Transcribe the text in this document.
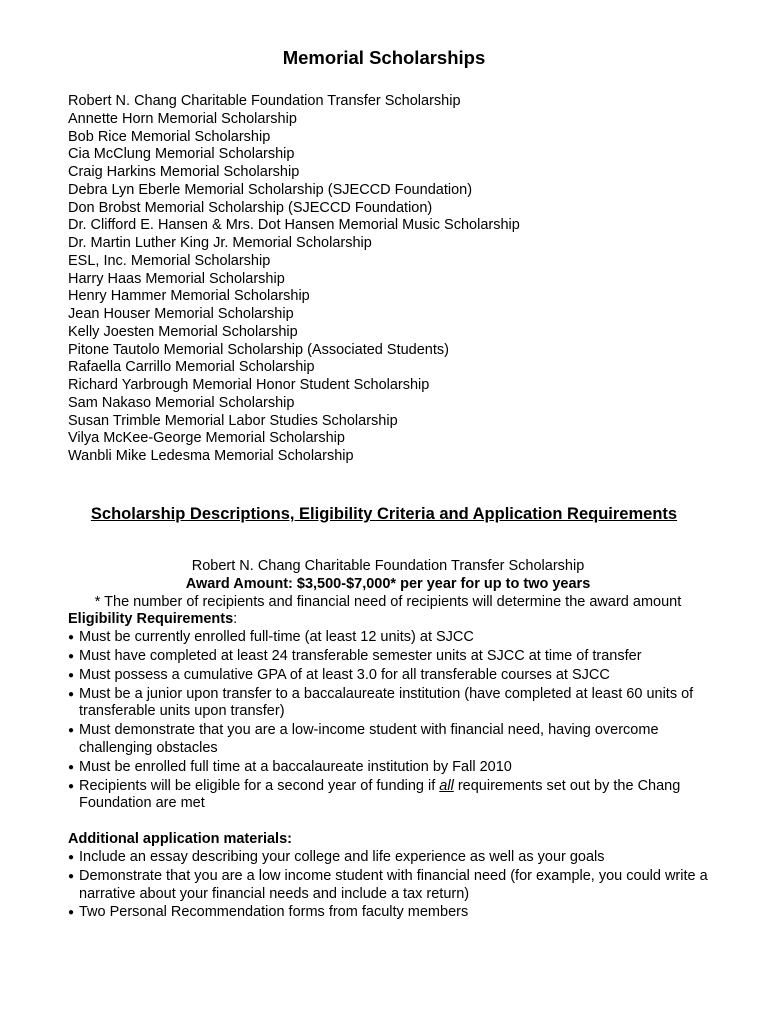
Memorial Scholarships
Robert N. Chang Charitable Foundation Transfer Scholarship
Annette Horn Memorial Scholarship
Bob Rice Memorial Scholarship
Cia McClung Memorial Scholarship
Craig Harkins Memorial Scholarship
Debra Lyn Eberle Memorial Scholarship (SJECCD Foundation)
Don Brobst Memorial Scholarship (SJECCD Foundation)
Dr. Clifford E. Hansen & Mrs. Dot Hansen Memorial Music Scholarship
Dr. Martin Luther King Jr. Memorial Scholarship
ESL, Inc. Memorial Scholarship
Harry Haas Memorial Scholarship
Henry Hammer Memorial Scholarship
Jean Houser Memorial Scholarship
Kelly Joesten Memorial Scholarship
Pitone Tautolo Memorial Scholarship (Associated Students)
Rafaella Carrillo Memorial Scholarship
Richard Yarbrough Memorial Honor Student Scholarship
Sam Nakaso Memorial Scholarship
Susan Trimble Memorial Labor Studies Scholarship
Vilya McKee-George Memorial Scholarship
Wanbli Mike Ledesma Memorial Scholarship
Scholarship Descriptions, Eligibility Criteria and Application Requirements

Robert N. Chang Charitable Foundation Transfer Scholarship

Award Amount: $3,500-$7,000* per year for up to two years

* The number of recipients and financial need of recipients will determine the award amount

Eligibility Requirements:

● Must be currently enrolled full-time (at least 12 units) at SJCC
● Must have completed at least 24 transferable semester units at SJCC at time of transfer
● Must possess a cumulative GPA of at least 3.0 for all transferable courses at SJCC
● Must be a junior upon transfer to a baccalaureate institution (have completed at least 60 units of transferable units upon transfer)
● Must demonstrate that you are a low-income student with financial need, having overcome challenging obstacles
● Must be enrolled full time at a baccalaureate institution by Fall 2010
● Recipients will be eligible for a second year of funding if all requirements set out by the Chang Foundation are met

Additional application materials:

● Include an essay describing your college and life experience as well as your goals
● Demonstrate that you are a low income student with financial need (for example, you could write a narrative about your financial needs and include a tax return)
● Two Personal Recommendation forms from faculty members
